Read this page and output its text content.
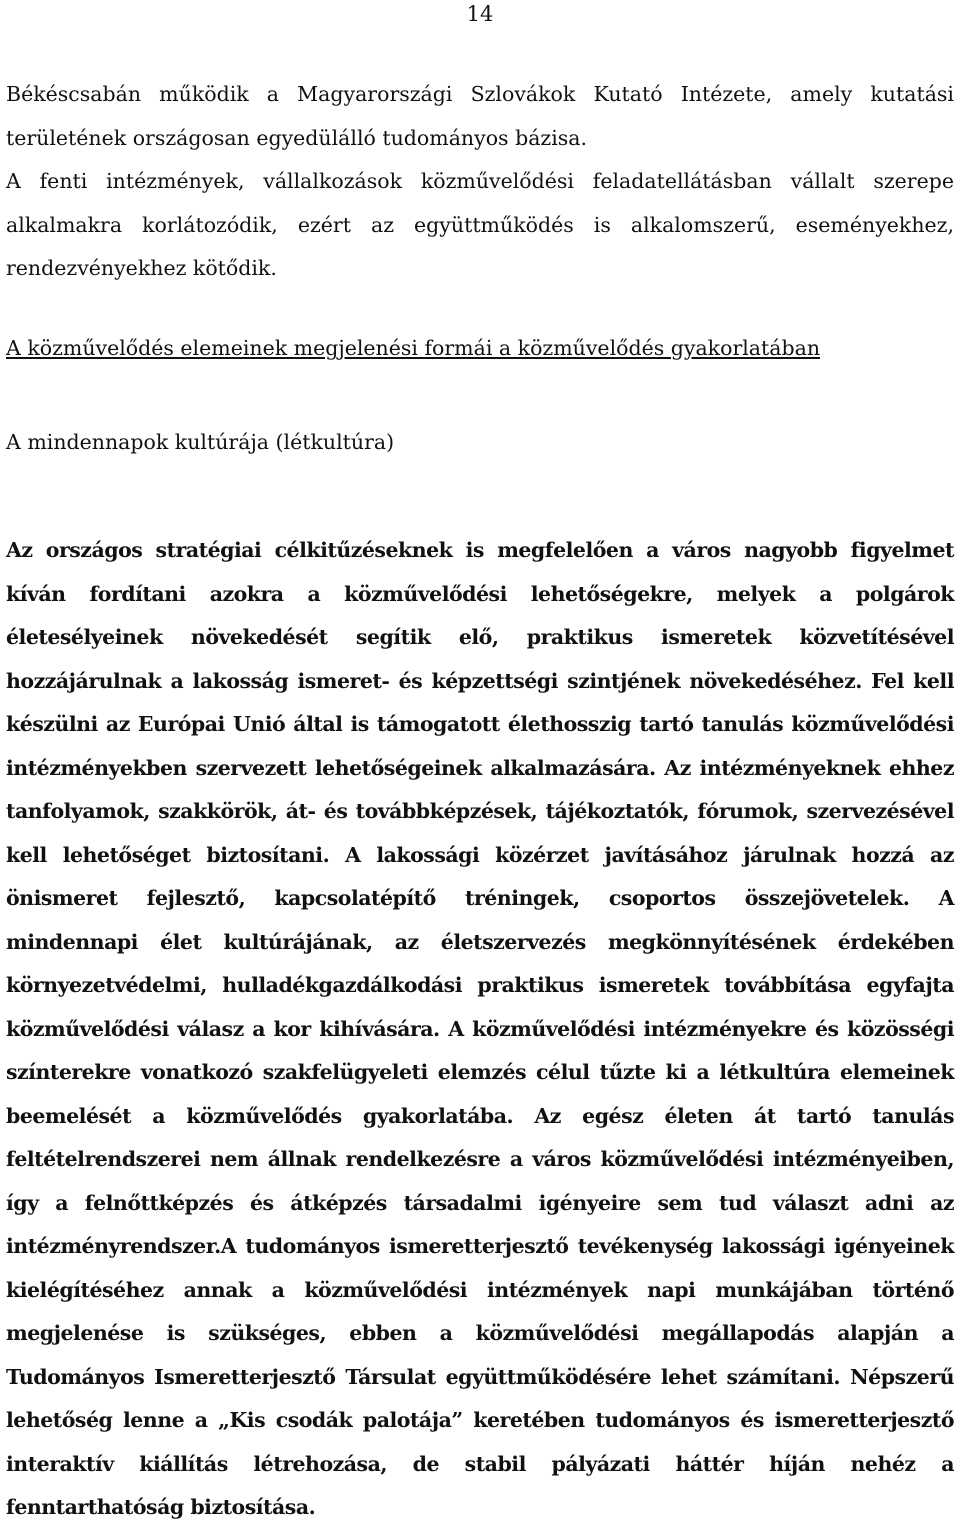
14

Békéscsabán működik a Magyarországi Szlovákok Kutató Intézete, amely kutatási területének országosan egyedülálló tudományos bázisa.

A fenti intézmények, vállalkozások közművelődési feladatellátásban vállalt szerepe alkalmakra korlátozódik, ezért az együttműködés is alkalomszerű, eseményekhez, rendezvényekhez kötődik.

A közművelődés elemeinek megjelenési formái a közművelődés gyakorlatában
A mindennapok kultúrája (létkultúra)

Az országos stratégiai célkitűzéseknek is megfelelően a város nagyobb figyelmet kíván fordítani azokra a közművelődési lehetőségekre, melyek a polgárok életesélyeinek növekedését segítik elő, praktikus ismeretek közvetítésével hozzájárulnak a lakosság ismeret- és képzettségi szintjének növekedéséhez. Fel kell készülni az Európai Unió által is támogatott élethosszig tartó tanulás közművelődési intézményekben szervezett lehetőségeinek alkalmazására. Az intézményeknek ehhez tanfolyamok, szakkörök, át- és továbbképzések, tájékoztatók, fórumok, szervezésével kell lehetőséget biztosítani. A lakossági közérzet javításához járulnak hozzá az önismeret fejlesztő, kapcsolatépítő tréningek, csoportos összejövetelek. A mindennapi élet kultúrájának, az életszervezés megkönnyítésének érdekében környezetvédelmi, hulladékgazdálkodási praktikus ismeretek továbbítása egyfajta közművelődési válasz a kor kihívására. A közművelődési intézményekre és közösségi színterekre vonatkozó szakfelügyeleti elemzés célul tűzte ki a létkultúra elemeinek beemelését a közművelődés gyakorlatába. Az egész életen át tartó tanulás feltételrendszerei nem állnak rendelkezésre a város közművelődési intézményeiben, így a felnőttképzés és átképzés társadalmi igényeire sem tud választ adni az intézményrendszer.A tudományos ismeretterjesztő tevékenység lakossági igényeinek kielégítéséhez annak a közművelődési intézmények napi munkájában történő megjelenése is szükséges, ebben a közművelődési megállapodás alapján a Tudományos Ismeretterjesztő Társulat együttműködésére lehet számítani. Népszerű lehetőség lenne a „Kis csodák palotája” keretében tudományos és ismeretterjesztő interaktív kiállítás létrehozása, de stabil pályázati háttér híján nehéz a fenntarthatóság biztosítása.
